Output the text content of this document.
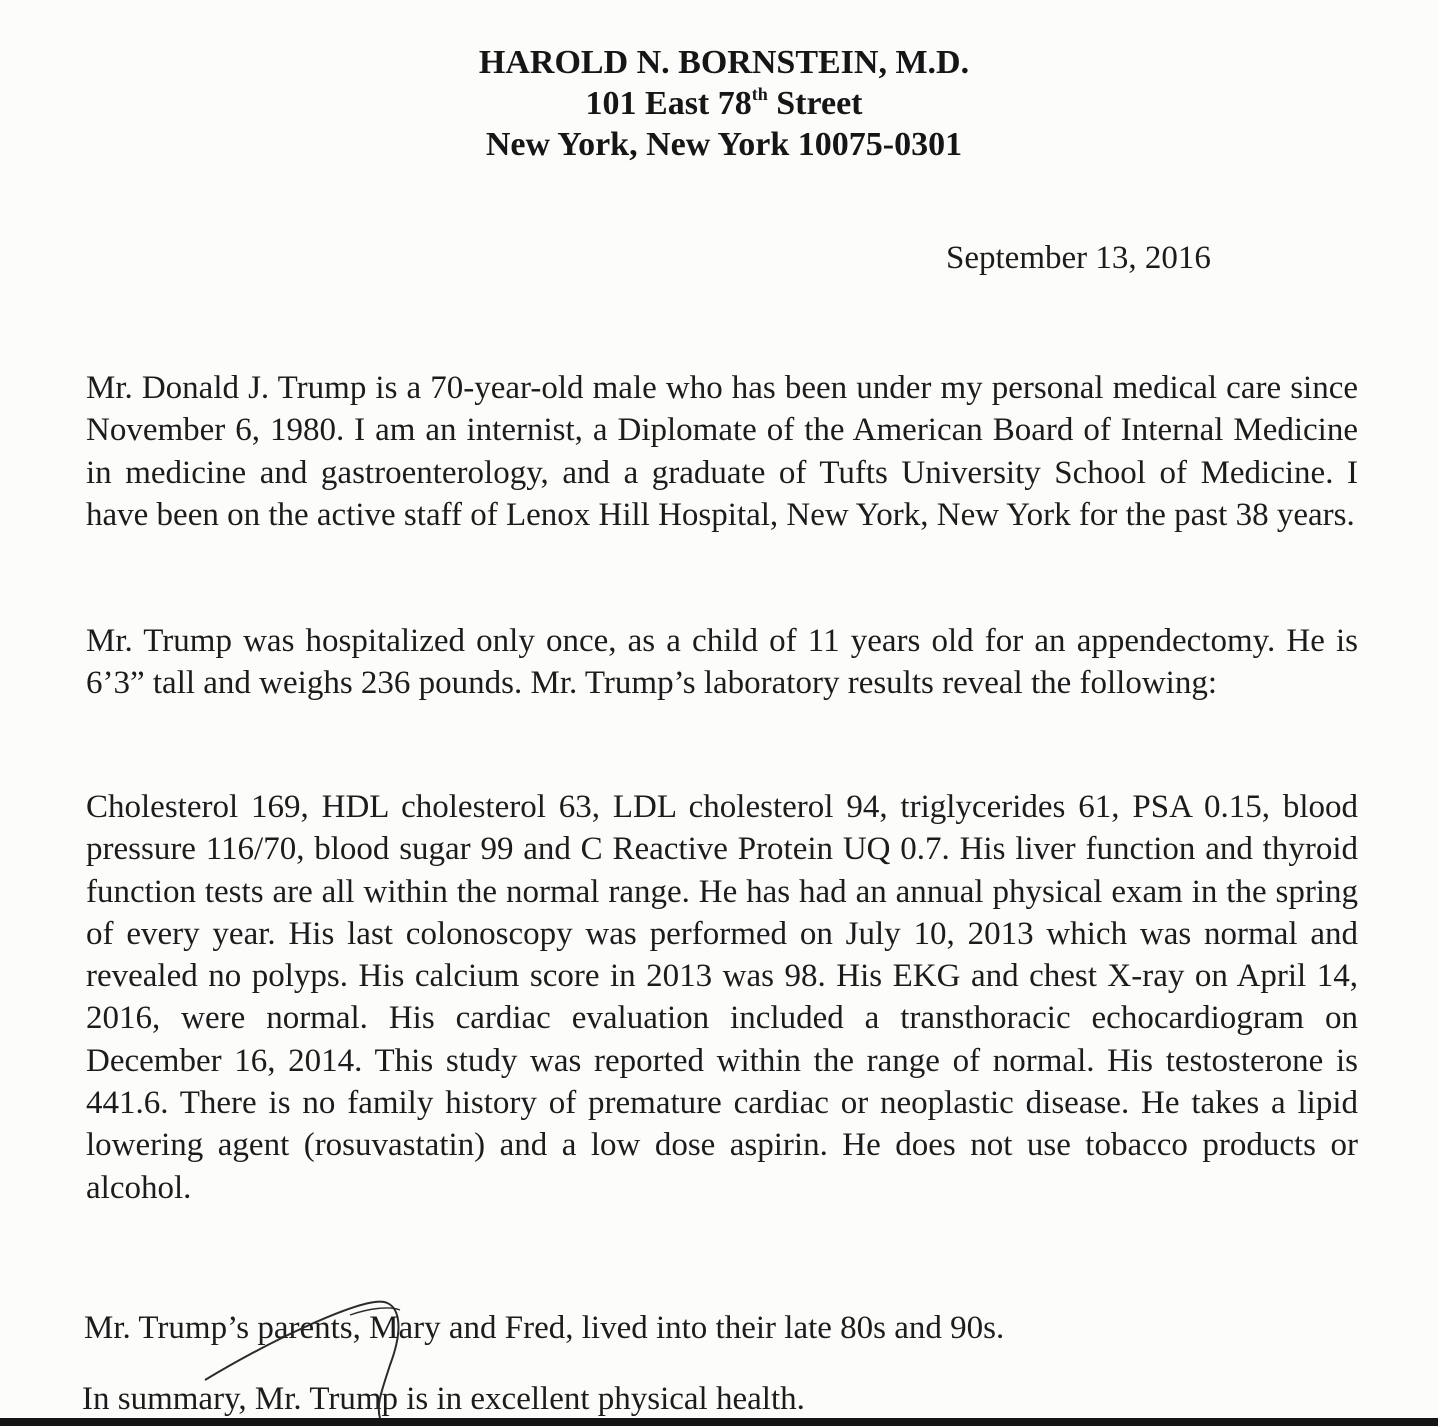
HAROLD N. BORNSTEIN, M.D.
101 East 78th Street
New York, New York 10075-0301
September 13, 2016
Mr. Donald J. Trump is a 70-year-old male who has been under my personal medical care since November 6, 1980. I am an internist, a Diplomate of the American Board of Internal Medicine in medicine and gastroenterology, and a graduate of Tufts University School of Medicine. I have been on the active staff of Lenox Hill Hospital, New York, New York for the past 38 years.
Mr. Trump was hospitalized only once, as a child of 11 years old for an appendectomy. He is 6’3” tall and weighs 236 pounds. Mr. Trump’s laboratory results reveal the following:
Cholesterol 169, HDL cholesterol 63, LDL cholesterol 94, triglycerides 61, PSA 0.15, blood pressure 116/70, blood sugar 99 and C Reactive Protein UQ 0.7. His liver function and thyroid function tests are all within the normal range. He has had an annual physical exam in the spring of every year. His last colonoscopy was performed on July 10, 2013 which was normal and revealed no polyps. His calcium score in 2013 was 98. His EKG and chest X-ray on April 14, 2016, were normal. His cardiac evaluation included a transthoracic echocardiogram on December 16, 2014. This study was reported within the range of normal. His testosterone is 441.6. There is no family history of premature cardiac or neoplastic disease. He takes a lipid lowering agent (rosuvastatin) and a low dose aspirin. He does not use tobacco products or alcohol.
Mr. Trump’s parents, Mary and Fred, lived into their late 80s and 90s.
In summary, Mr. Trump is in excellent physical health.
